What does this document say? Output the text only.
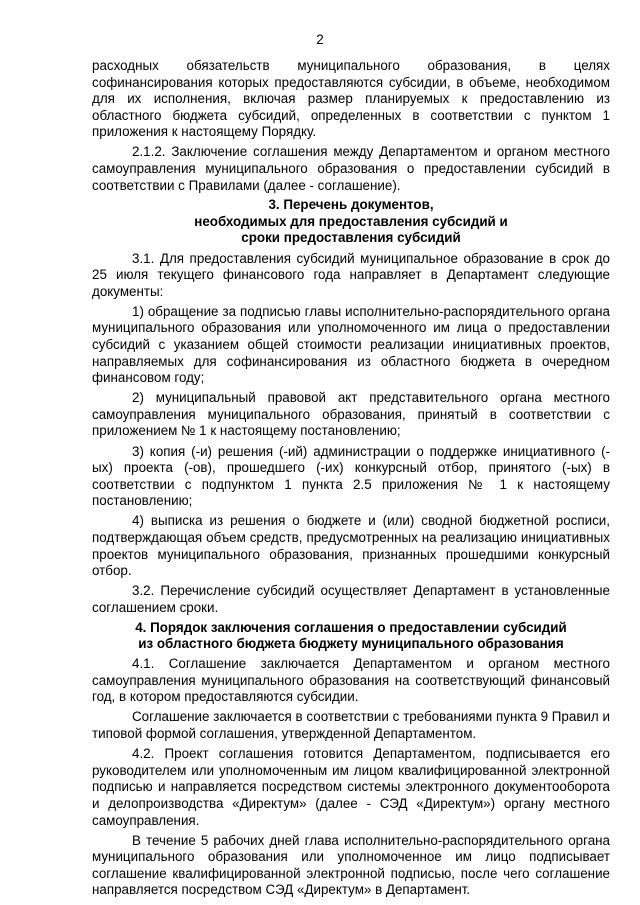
2

расходных обязательств муниципального образования, в целях софинансирования которых предоставляются субсидии, в объеме, необходимом для их исполнения, включая размер планируемых к предоставлению из областного бюджета субсидий, определенных в соответствии с пунктом 1 приложения к настоящему Порядку.

2.1.2. Заключение соглашения между Департаментом и органом местного самоуправления муниципального образования о предоставлении субсидий в соответствии с Правилами (далее - соглашение).

3. Перечень документов,
необходимых для предоставления субсидий и
сроки предоставления субсидий

3.1. Для предоставления субсидий муниципальное образование в срок до 25 июля текущего финансового года направляет в Департамент следующие документы:

1) обращение за подписью главы исполнительно-распорядительного органа муниципального образования или уполномоченного им лица о предоставлении субсидий с указанием общей стоимости реализации инициативных проектов, направляемых для софинансирования из областного бюджета в очередном финансовом году;

2) муниципальный правовой акт представительного органа местного самоуправления муниципального образования, принятый в соответствии с приложением № 1 к настоящему постановлению;

3) копия (-и) решения (-ий) администрации о поддержке инициативного (-ых) проекта (-ов), прошедшего (-их) конкурсный отбор, принятого (-ых) в соответствии с подпунктом 1 пункта 2.5 приложения № 1 к настоящему постановлению;

4) выписка из решения о бюджете и (или) сводной бюджетной росписи, подтверждающая объем средств, предусмотренных на реализацию инициативных проектов муниципального образования, признанных прошедшими конкурсный отбор.

3.2. Перечисление субсидий осуществляет Департамент в установленные соглашением сроки.

4. Порядок заключения соглашения о предоставлении субсидий
из областного бюджета бюджету муниципального образования

4.1. Соглашение заключается Департаментом и органом местного самоуправления муниципального образования на соответствующий финансовый год, в котором предоставляются субсидии.

Соглашение заключается в соответствии с требованиями пункта 9 Правил и типовой формой соглашения, утвержденной Департаментом.

4.2. Проект соглашения готовится Департаментом, подписывается его руководителем или уполномоченным им лицом квалифицированной электронной подписью и направляется посредством системы электронного документооборота и делопроизводства «Директум» (далее - СЭД «Директум») органу местного самоуправления.

В течение 5 рабочих дней глава исполнительно-распорядительного органа муниципального образования или уполномоченное им лицо подписывает соглашение квалифицированной электронной подписью, после чего соглашение направляется посредством СЭД «Директум» в Департамент.
